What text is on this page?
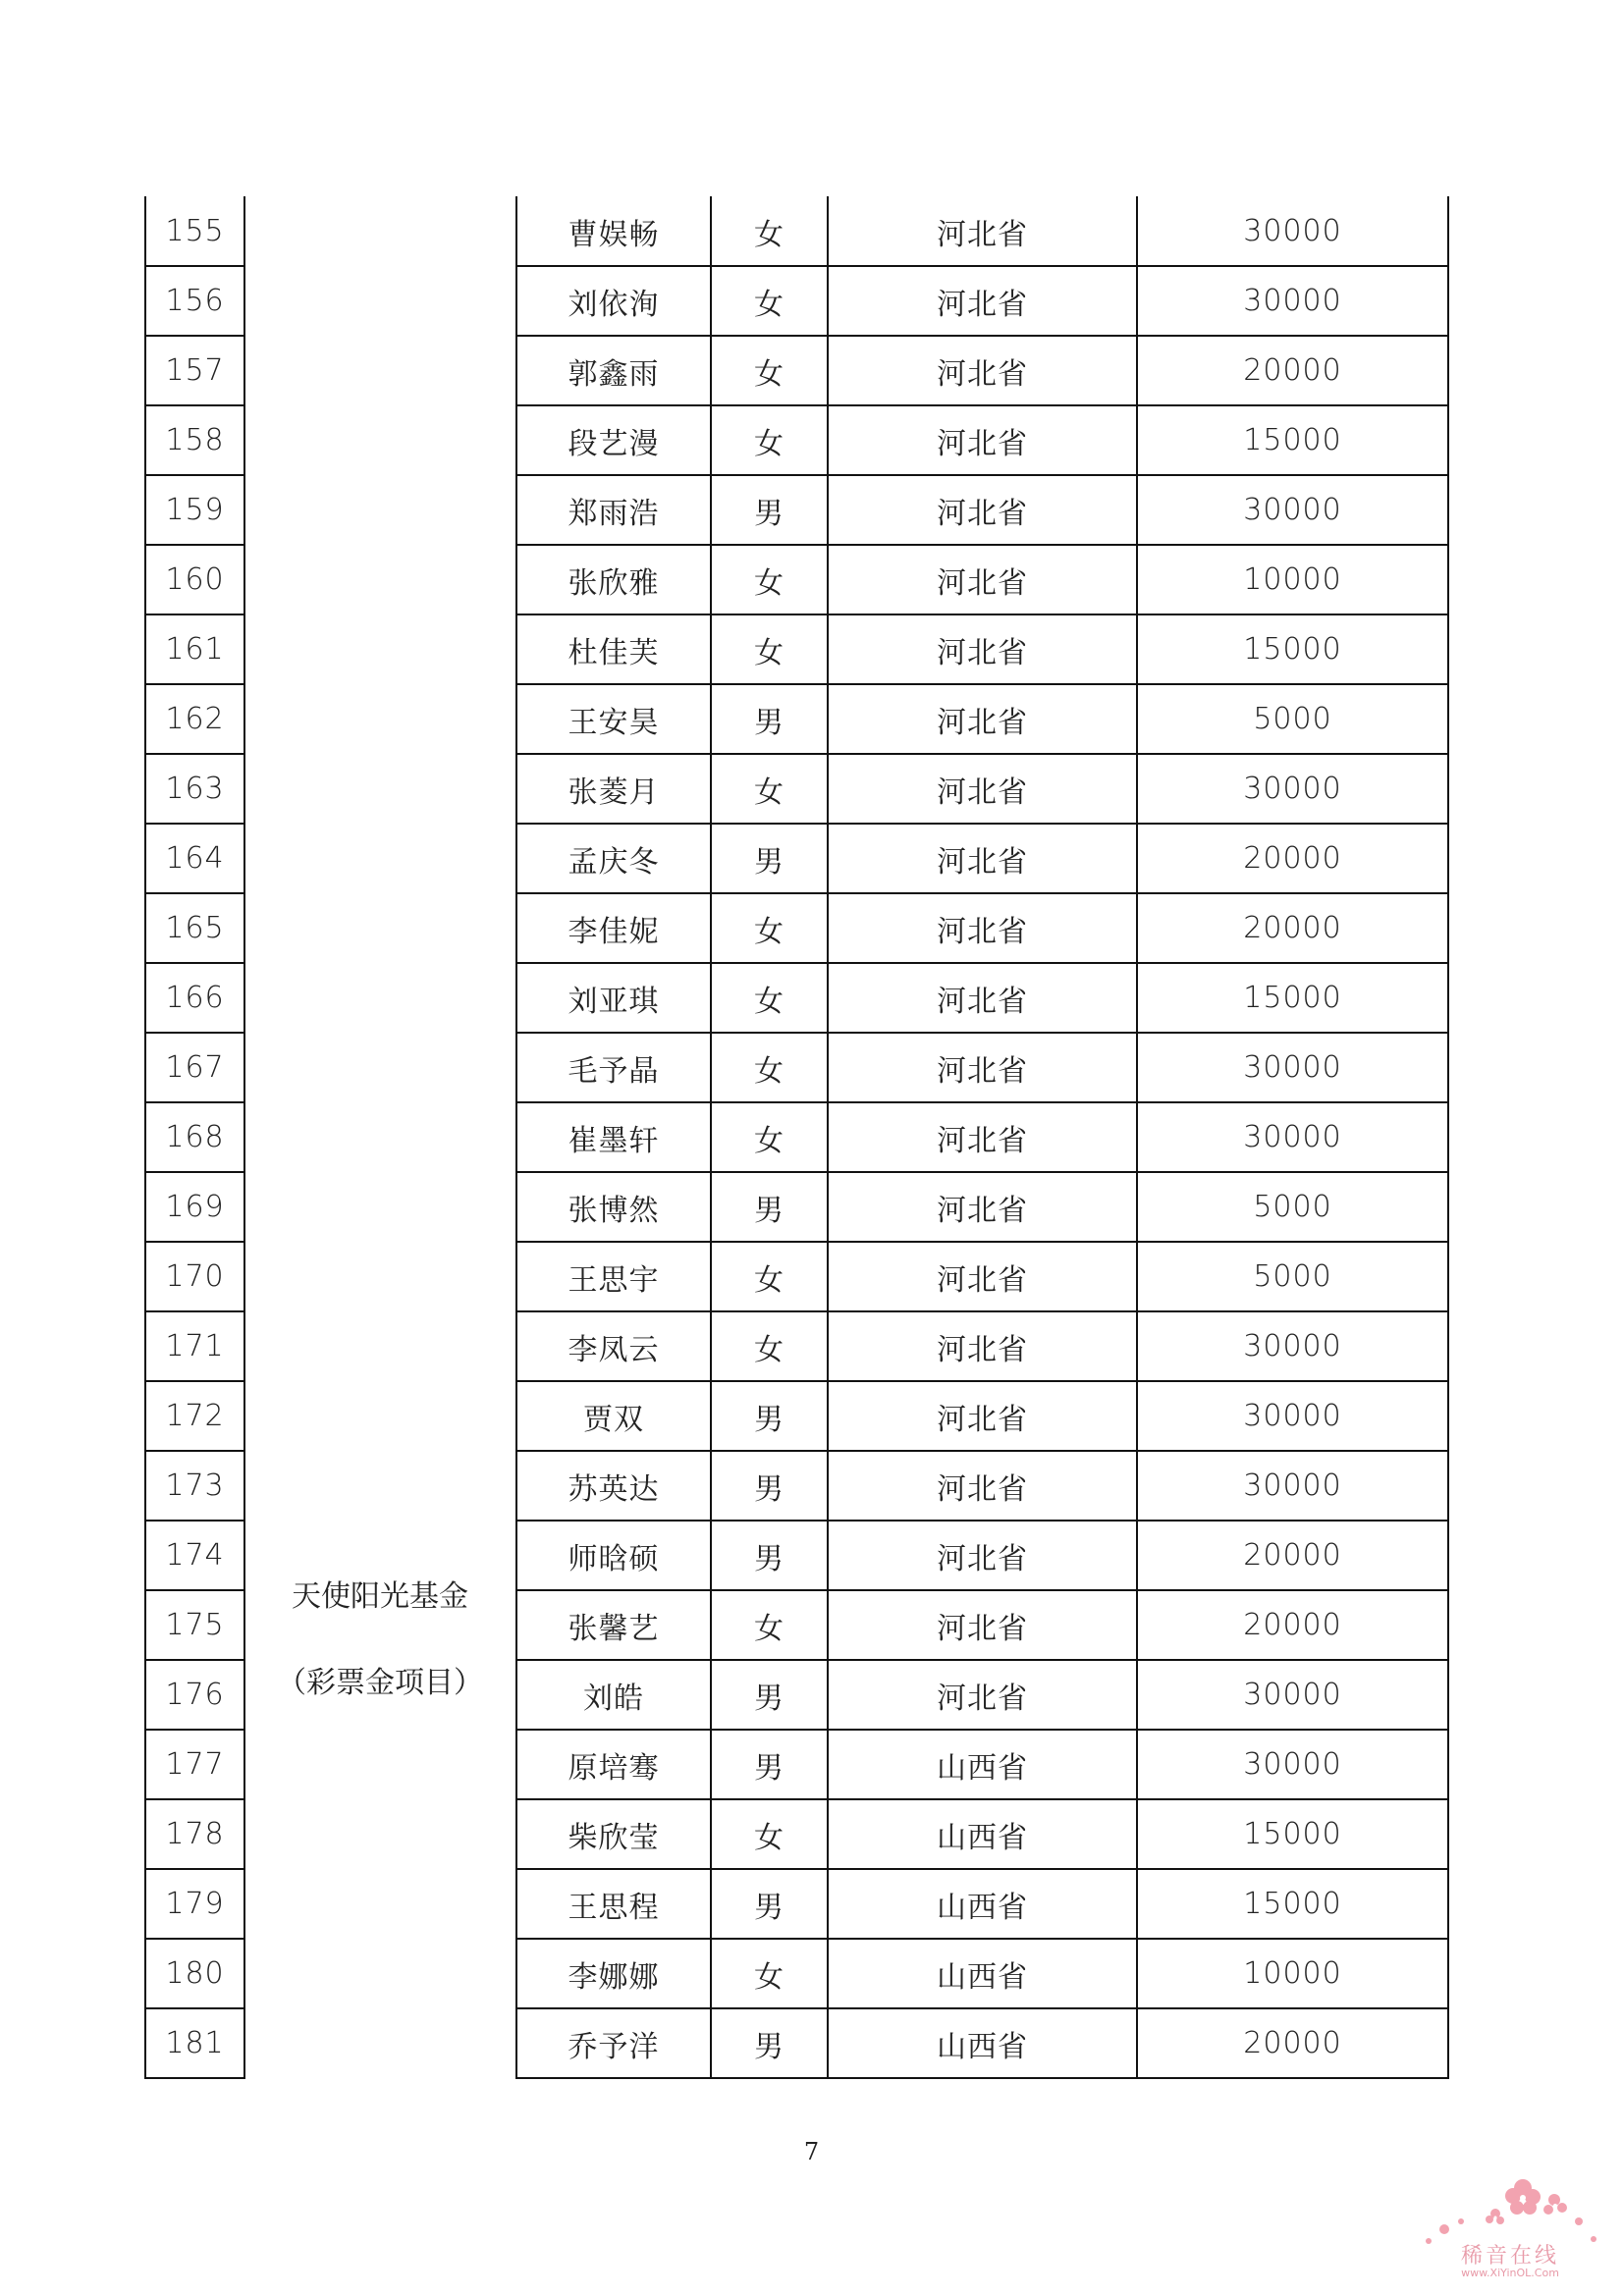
155	曹娱畅	女	河北省	30000
156	刘依洵	女	河北省	30000
157	郭鑫雨	女	河北省	20000
158	段艺漫	女	河北省	15000
159	郑雨浩	男	河北省	30000
160	张欣雅	女	河北省	10000
161	杜佳芙	女	河北省	15000
162	王安昊	男	河北省	5000
163	张菱月	女	河北省	30000
164	孟庆冬	男	河北省	20000
165	李佳妮	女	河北省	20000
166	刘亚琪	女	河北省	15000
167	毛予晶	女	河北省	30000
168	崔墨轩	女	河北省	30000
169	张博然	男	河北省	5000
170	王思宇	女	河北省	5000
171	李凤云	女	河北省	30000
172	贾双	男	河北省	30000
173	苏英达	男	河北省	30000
174	师晗硕	男	河北省	20000
175	张馨艺	女	河北省	20000
176	刘皓	男	河北省	30000
177	原培骞	男	山西省	30000
178	柴欣莹	女	山西省	15000
179	王思程	男	山西省	15000
180	李娜娜	女	山西省	10000
181	乔予洋	男	山西省	20000
天使阳光基金
（彩票金项目）
7
稀音在线
www.XiYinOL.Com
